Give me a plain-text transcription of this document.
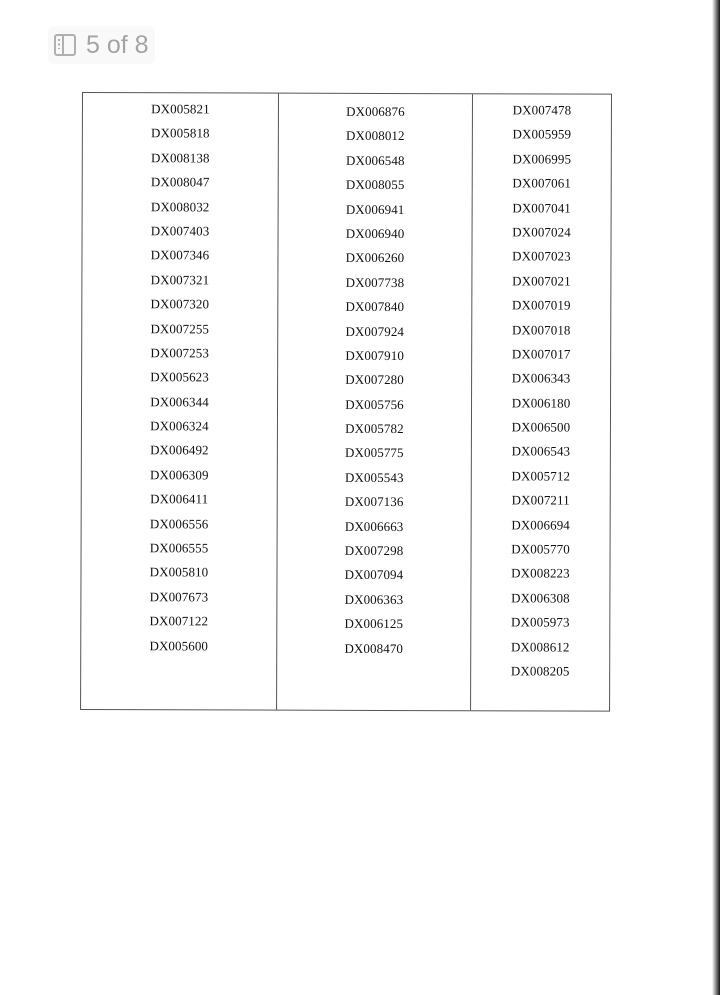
5 of 8
DX005821
DX005818
DX008138
DX008047
DX008032
DX007403
DX007346
DX007321
DX007320
DX007255
DX007253
DX005623
DX006344
DX006324
DX006492
DX006309
DX006411
DX006556
DX006555
DX005810
DX007673
DX007122
DX005600
DX006876
DX008012
DX006548
DX008055
DX006941
DX006940
DX006260
DX007738
DX007840
DX007924
DX007910
DX007280
DX005756
DX005782
DX005775
DX005543
DX007136
DX006663
DX007298
DX007094
DX006363
DX006125
DX008470
DX007478
DX005959
DX006995
DX007061
DX007041
DX007024
DX007023
DX007021
DX007019
DX007018
DX007017
DX006343
DX006180
DX006500
DX006543
DX005712
DX007211
DX006694
DX005770
DX008223
DX006308
DX005973
DX008612
DX008205
